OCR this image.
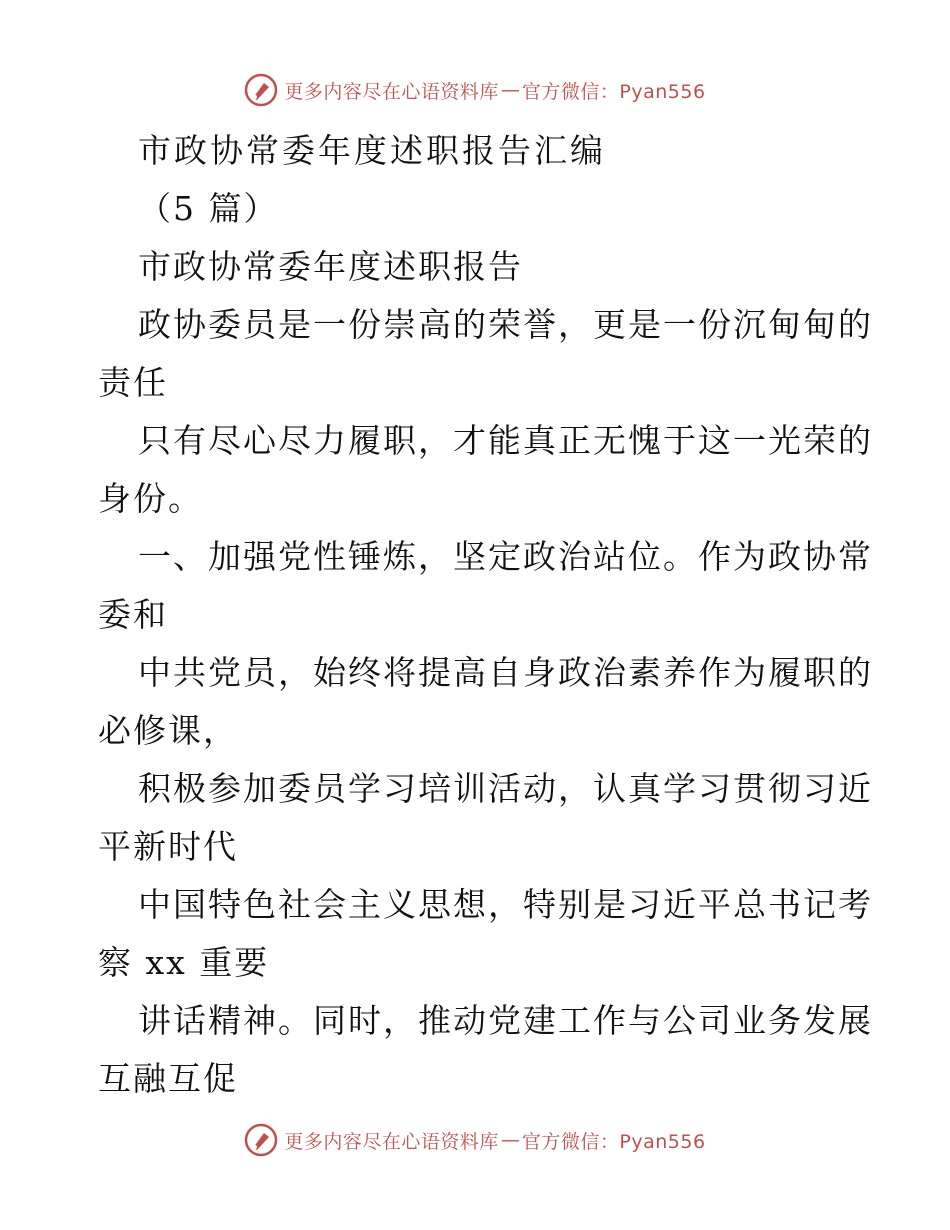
更多内容尽在心语资料库 — 官方微信：Pyan556
市政协常委年度述职报告汇编
（5 篇）
市政协常委年度述职报告
政协委员是一份崇高的荣誉，更是一份沉甸甸的
责任
只有尽心尽力履职，才能真正无愧于这一光荣的
身份。
一、加强党性锤炼，坚定政治站位。作为政协常
委和
中共党员，始终将提高自身政治素养作为履职的
必修课，
积极参加委员学习培训活动，认真学习贯彻习近
平新时代
中国特色社会主义思想，特别是习近平总书记考
察 xx 重要
讲话精神。同时，推动党建工作与公司业务发展
互融互促
更多内容尽在心语资料库 — 官方微信：Pyan556
